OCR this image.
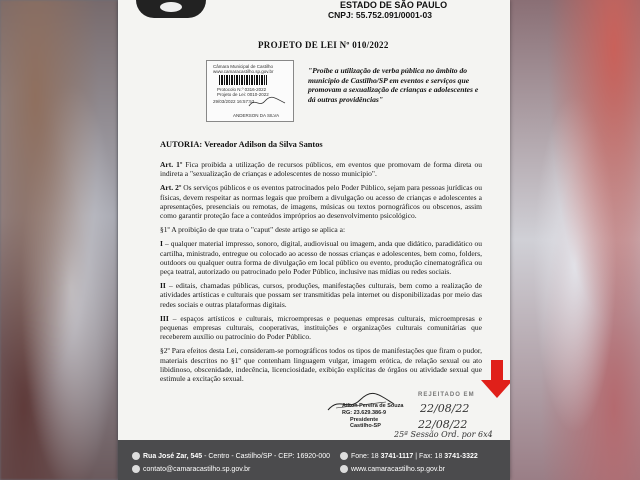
ESTADO DE SÃO PAULO
CNPJ: 55.752.091/0001-03
PROJETO DE LEI Nº 010/2022
Câmara Municipal de Castilho
www.camaracastilho.sp.gov.br
Protocolo N.º 0316-2022
Projeto de Lei: 0010-2022
29/03/2022 16:57:53
ANDERSON DA SILVA
"Proíbe a utilização de verba pública no âmbito do município de Castilho/SP em eventos e serviços que promovam a sexualização de crianças e adolescentes e dá outras providências"
AUTORIA: Vereador Adilson da Silva Santos

Art. 1º Fica proibida a utilização de recursos públicos, em eventos que promovam de forma direta ou indireta a "sexualização de crianças e adolescentes de nosso município".

Art. 2º Os serviços públicos e os eventos patrocinados pelo Poder Público, sejam para pessoas jurídicas ou físicas, devem respeitar as normas legais que proíbem a divulgação ou acesso de crianças e adolescentes a apresentações, presenciais ou remotas, de imagens, músicas ou textos pornográficos ou obscenos, assim como garantir proteção face a conteúdos impróprios ao desenvolvimento psicológico.

§1º A proibição de que trata o "caput" deste artigo se aplica a:

I – qualquer material impresso, sonoro, digital, audiovisual ou imagem, anda que didático, paradidático ou cartilha, ministrado, entregue ou colocado ao acesso de nossas crianças e adolescentes, bem como, folders, outdoors ou qualquer outra forma de divulgação em local público ou evento, produção cinematográfica ou peça teatral, autorizado ou patrocinado pelo Poder Público, inclusive nas mídias ou redes sociais.

II – editais, chamadas públicas, cursos, produções, manifestações culturais, bem como a realização de atividades artísticas e culturais que possam ser transmitidas pela internet ou disponibilizadas por meio das redes sociais e outras plataformas digitais.

III – espaços artísticos e culturais, microempresas e pequenas empresas culturais, microempresas e pequenas empresas culturais, cooperativas, instituições e organizações culturais comunitárias que receberem auxílio ou patrocínio do Poder Público.

§2º Para efeitos desta Lei, consideram-se pornográficos todos os tipos de manifestações que firam o pudor, materiais descritos no §1º que contenham linguagem vulgar, imagem erótica, de relação sexual ou ato libidinoso, obscenidade, indecência, licenciosidade, exibição explícitas de órgãos ou atividade sexual que estimule a excitação sexual.

Ailton Pereira de Souza
RG: 23.629.386-9
Presidente
Castilho-SP
REJEITADO EM
22/08/22
22/08/22
25ª Sessão Ord. por 6x4
Rua José Zar, 545 - Centro - Castilho/SP - CEP: 16920-000
contato@camaracastilho.sp.gov.br
Fone: 18 3741-1117 | Fax: 18 3741-3322
www.camaracastilho.sp.gov.br
